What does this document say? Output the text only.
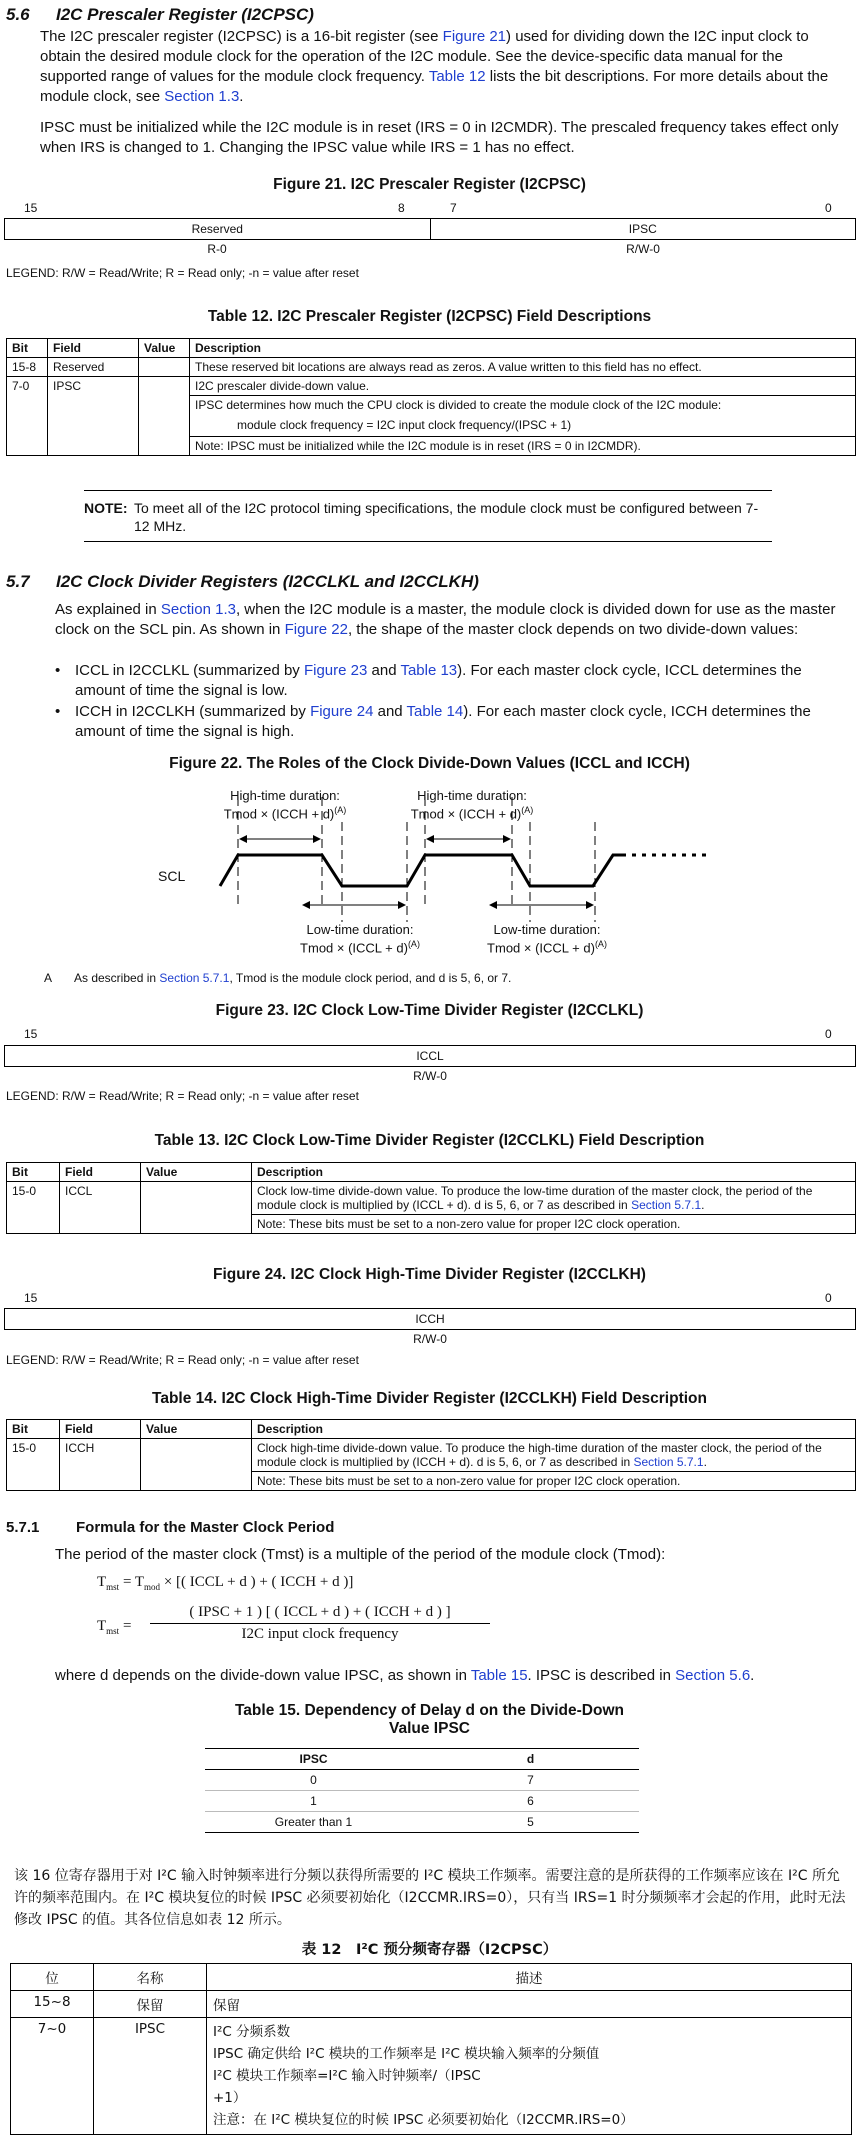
5.6 I2C Prescaler Register (I2CPSC)
The I2C prescaler register (I2CPSC) is a 16-bit register (see Figure 21) used for dividing down the I2C input clock to obtain the desired module clock for the operation of the I2C module. See the device-specific data manual for the supported range of values for the module clock frequency. Table 12 lists the bit descriptions. For more details about the module clock, see Section 1.3.
IPSC must be initialized while the I2C module is in reset (IRS = 0 in I2CMDR). The prescaled frequency takes effect only when IRS is changed to 1. Changing the IPSC value while IRS = 1 has no effect.
Figure 21. I2C Prescaler Register (I2CPSC)
15	8	7	0
Reserved	IPSC
R-0	R/W-0
LEGEND: R/W = Read/Write; R = Read only; -n = value after reset
Table 12. I2C Prescaler Register (I2CPSC) Field Descriptions
Bit	Field	Value	Description
15-8	Reserved		These reserved bit locations are always read as zeros. A value written to this field has no effect.
7-0	IPSC		I2C prescaler divide-down value.

			IPSC determines how much the CPU clock is divided to create the module clock of the I2C module:
module clock frequency = I2C input clock frequency/(IPSC + 1)

			Note: IPSC must be initialized while the I2C module is in reset (IRS = 0 in I2CMDR).
NOTE: To meet all of the I2C protocol timing specifications, the module clock must be configured between 7-12 MHz.
5.7 I2C Clock Divider Registers (I2CCLKL and I2CCLKH)
As explained in Section 1.3, when the I2C module is a master, the module clock is divided down for use as the master clock on the SCL pin. As shown in Figure 22, the shape of the master clock depends on two divide-down values:
• ICCL in I2CCLKL (summarized by Figure 23 and Table 13). For each master clock cycle, ICCL determines the amount of time the signal is low.
• ICCH in I2CCLKH (summarized by Figure 24 and Table 14). For each master clock cycle, ICCH determines the amount of time the signal is high.
Figure 22. The Roles of the Clock Divide-Down Values (ICCL and ICCH)
SCL
High-time duration:
Tmod × (ICCH + d)$^{(A)}$
High-time duration:
Tmod × (ICCH + d)$^{(A)}$
Low-time duration:
Tmod × (ICCL + d)$^{(A)}$
Low-time duration:
Tmod × (ICCL + d)$^{(A)}$
A As described in Section 5.7.1, Tmod is the module clock period, and d is 5, 6, or 7.
Figure 23. I2C Clock Low-Time Divider Register (I2CCLKL)
15	0
ICCL
R/W-0
LEGEND: R/W = Read/Write; R = Read only; -n = value after reset
Table 13. I2C Clock Low-Time Divider Register (I2CCLKL) Field Description
Bit	Field	Value	Description
15-0	ICCL		Clock low-time divide-down value. To produce the low-time duration of the master clock, the period of the module clock is multiplied by (ICCL + d). d is 5, 6, or 7 as described in Section 5.7.1.
			Note: These bits must be set to a non-zero value for proper I2C clock operation.
Figure 24. I2C Clock High-Time Divider Register (I2CCLKH)
15	0
ICCH
R/W-0
LEGEND: R/W = Read/Write; R = Read only; -n = value after reset
Table 14. I2C Clock High-Time Divider Register (I2CCLKH) Field Description
Bit	Field	Value	Description
15-0	ICCH		Clock high-time divide-down value. To produce the high-time duration of the master clock, the period of the module clock is multiplied by (ICCH + d). d is 5, 6, or 7 as described in Section 5.7.1.
			Note: These bits must be set to a non-zero value for proper I2C clock operation.
5.7.1 Formula for the Master Clock Period
The period of the master clock (Tmst) is a multiple of the period of the module clock (Tmod):
$T_{mst} = T_{mod}$ × [( ICCL + d ) + ( ICCH + d )]
$T_{mst}$ =
( IPSC + 1 ) [ ( ICCL + d ) + ( ICCH + d ) ]
I2C input clock frequency
where d depends on the divide-down value IPSC, as shown in Table 15. IPSC is described in Section 5.6.
Table 15. Dependency of Delay d on the Divide-Down
Value IPSC
IPSC	d
0	7
1	6
Greater than 1	5
该 16 位寄存器用于对 I²C 输入时钟频率进行分频以获得所需要的 I²C 模块工作频率。需要注意的是所获得的工作频率应该在 I²C 所允许的频率范围内。在 I²C 模块复位的时候 IPSC 必须要初始化（I2CCMR.IRS=0），只有当 IRS=1 时分频频率才会起的作用，此时无法修改 IPSC 的值。其各位信息如表 12 所示。
表 12　I²C 预分频寄存器（I2CPSC）
位	名称	描述
15~8	保留	保留
7~0	IPSC	I²C 分频系数
IPSC 确定供给 I²C 模块的工作频率是 I²C 模块输入频率的分频值
I²C 模块工作频率=I²C 输入时钟频率/（IPSC
+1）
注意：在 I²C 模块复位的时候 IPSC 必须要初始化（I2CCMR.IRS=0）
